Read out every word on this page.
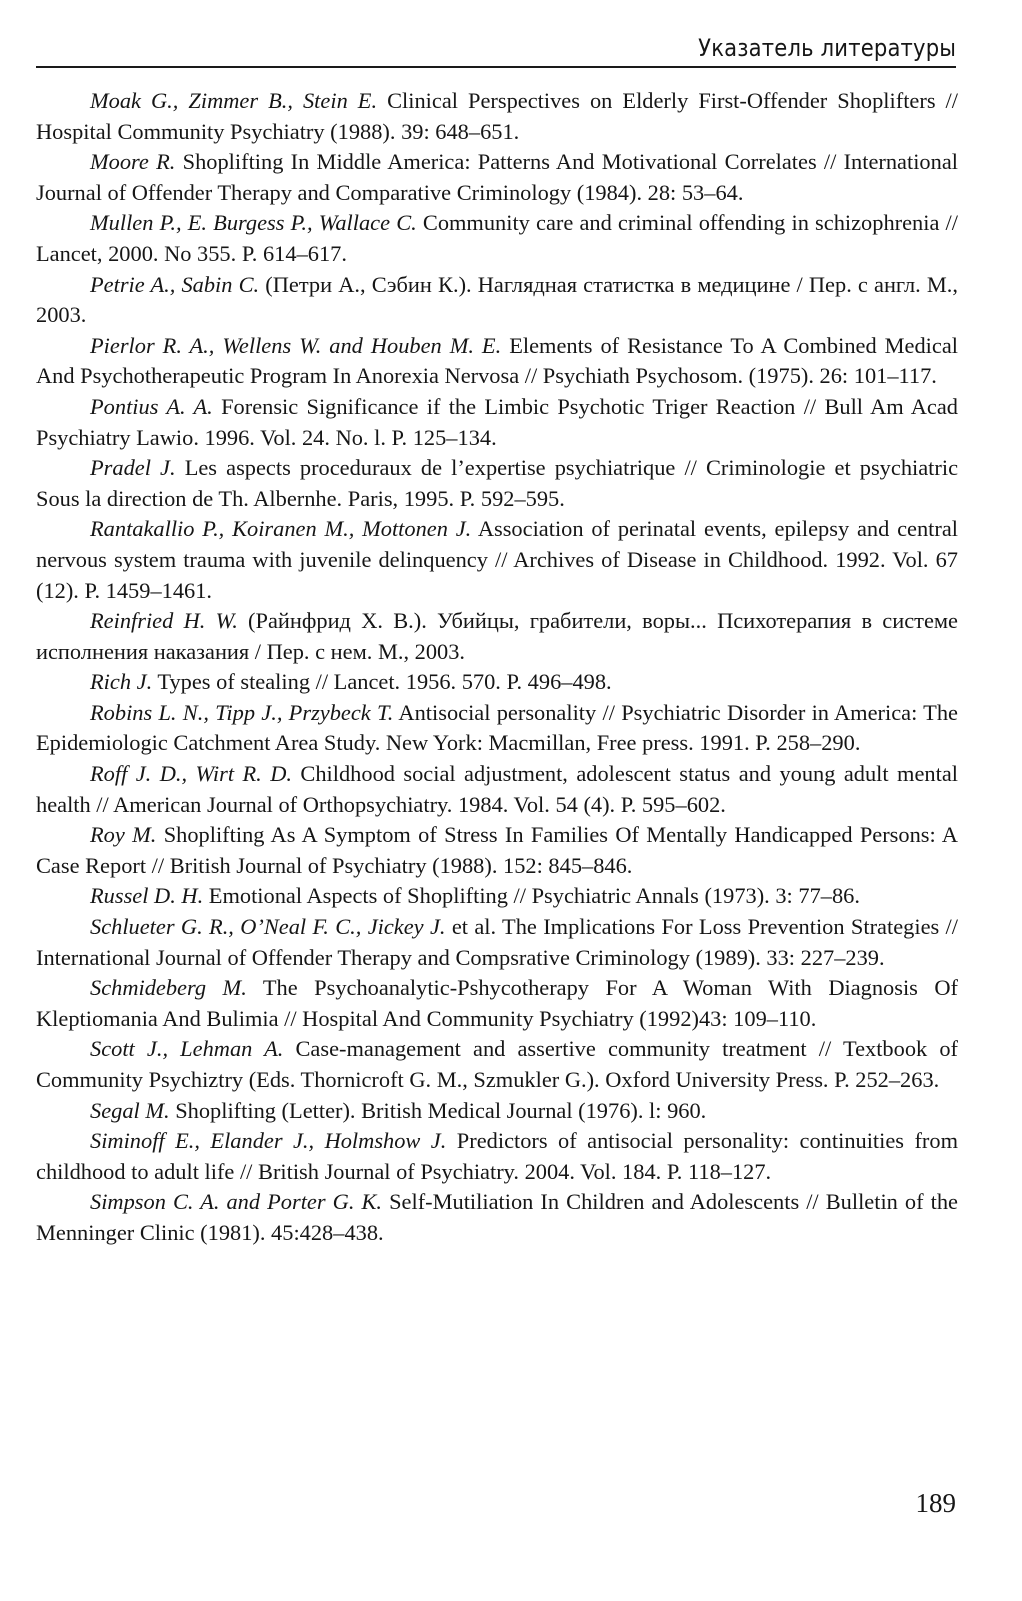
Указатель литературы

Moak G., Zimmer B., Stein E. Clinical Perspectives on Elderly First-Offender Shoplifters // Hospital Community Psychiatry (1988). 39: 648–651.

Moore R. Shoplifting In Middle America: Patterns And Motivational Correlates // International Journal of Offender Therapy and Comparative Criminology (1984). 28: 53–64.

Mullen P., E. Burgess P., Wallace C. Community care and criminal offending in schizophrenia // Lancet, 2000. No 355. P. 614–617.

Petrie A., Sabin C. (Петри А., Сэбин К.). Наглядная статистка в медицине / Пер. с англ. М., 2003.

Pierlor R. A., Wellens W. and Houben M. E. Elements of Resistance To A Combined Medical And Psychotherapeutic Program In Anorexia Nervosa // Psychiath Psychosom. (1975). 26: 101–117.

Pontius A. A. Forensic Significance if the Limbic Psychotic Triger Reaction // Bull Am Acad Psychiatry Lawio. 1996. Vol. 24. No. l. P. 125–134.

Pradel J. Les aspects proceduraux de l’expertise psychiatrique // Criminologie et psychiatric Sous la direction de Th. Albernhe. Paris, 1995. P. 592–595.

Rantakallio P., Koiranen M., Mottonen J. Association of perinatal events, epilepsy and central nervous system trauma with juvenile delinquency // Archives of Disease in Childhood. 1992. Vol. 67 (12). P. 1459–1461.

Reinfried H. W. (Райнфрид Х. В.). Убийцы, грабители, воры... Психотерапия в системе исполнения наказания / Пер. с нем. М., 2003.

Rich J. Types of stealing // Lancet. 1956. 570. P. 496–498.

Robins L. N., Tipp J., Przybeck T. Antisocial personality // Psychiatric Disorder in America: The Epidemiologic Catchment Area Study. New York: Macmillan, Free press. 1991. P. 258–290.

Roff J. D., Wirt R. D. Childhood social adjustment, adolescent status and young adult mental health // American Journal of Orthopsychiatry. 1984. Vol. 54 (4). P. 595–602.

Roy M. Shoplifting As A Symptom of Stress In Families Of Mentally Handicapped Persons: A Case Report // British Journal of Psychiatry (1988). 152: 845–846.

Russel D. H. Emotional Aspects of Shoplifting // Psychiatric Annals (1973). 3: 77–86.

Schlueter G. R., O’Neal F. C., Jickey J. et al. The Implications For Loss Prevention Strategies // International Journal of Offender Therapy and Compsrative Criminology (1989). 33: 227–239.

Schmideberg M. The Psychoanalytic-Pshycotherapy For A Woman With Diagnosis Of Kleptiomania And Bulimia // Hospital And Community Psychiatry (1992)43: 109–110.

Scott J., Lehman A. Case-management and assertive community treatment // Textbook of Community Psychiztry (Eds. Thornicroft G. M., Szmukler G.). Oxford University Press. P. 252–263.

Segal M. Shoplifting (Letter). British Medical Journal (1976). l: 960.

Siminoff E., Elander J., Holmshow J. Predictors of antisocial personality: continuities from childhood to adult life // British Journal of Psychiatry. 2004. Vol. 184. P. 118–127.

Simpson C. A. and Porter G. K. Self-Mutiliation In Children and Adolescents // Bulletin of the Menninger Clinic (1981). 45:428–438.

189
